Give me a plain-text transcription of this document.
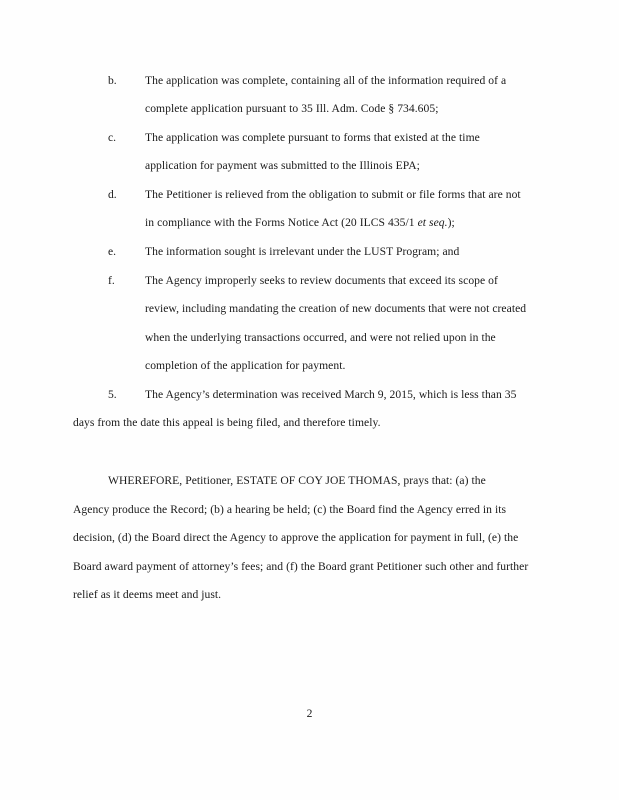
b. The application was complete, containing all of the information required of a
complete application pursuant to 35 Ill. Adm. Code § 734.605;
c. The application was complete pursuant to forms that existed at the time
application for payment was submitted to the Illinois EPA;
d. The Petitioner is relieved from the obligation to submit or file forms that are not
in compliance with the Forms Notice Act (20 ILCS 435/1 et seq.);
e. The information sought is irrelevant under the LUST Program; and
f.	The Agency improperly seeks to review documents that exceed its scope of
review, including mandating the creation of new documents that were not created
when the underlying transactions occurred, and were not relied upon in the
completion of the application for payment.
5. The Agency’s determination was received March 9, 2015, which is less than 35
days from the date this appeal is being filed, and therefore timely.
WHEREFORE, Petitioner, ESTATE OF COY JOE THOMAS, prays that: (a) the
Agency produce the Record; (b) a hearing be held; (c) the Board find the Agency erred in its
decision, (d) the Board direct the Agency to approve the application for payment in full, (e) the
Board award payment of attorney’s fees; and (f) the Board grant Petitioner such other and further
relief as it deems meet and just.
2
